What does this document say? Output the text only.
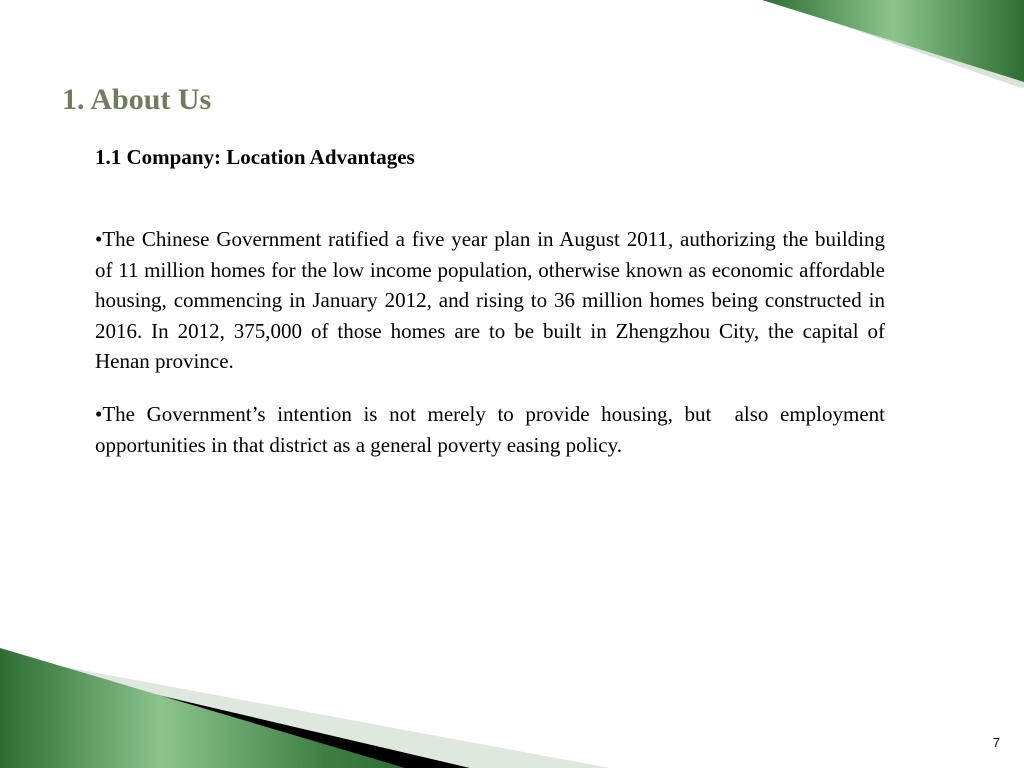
1. About Us
1.1 Company: Location Advantages

•The Chinese Government ratified a five year plan in August 2011, authorizing the building of 11 million homes for the low income population, otherwise known as economic affordable housing, commencing in January 2012, and rising to 36 million homes being constructed in 2016. In 2012, 375,000 of those homes are to be built in Zhengzhou City, the capital of Henan province.

•The Government’s intention is not merely to provide housing, but  also employment opportunities in that district as a general poverty easing policy.

7
